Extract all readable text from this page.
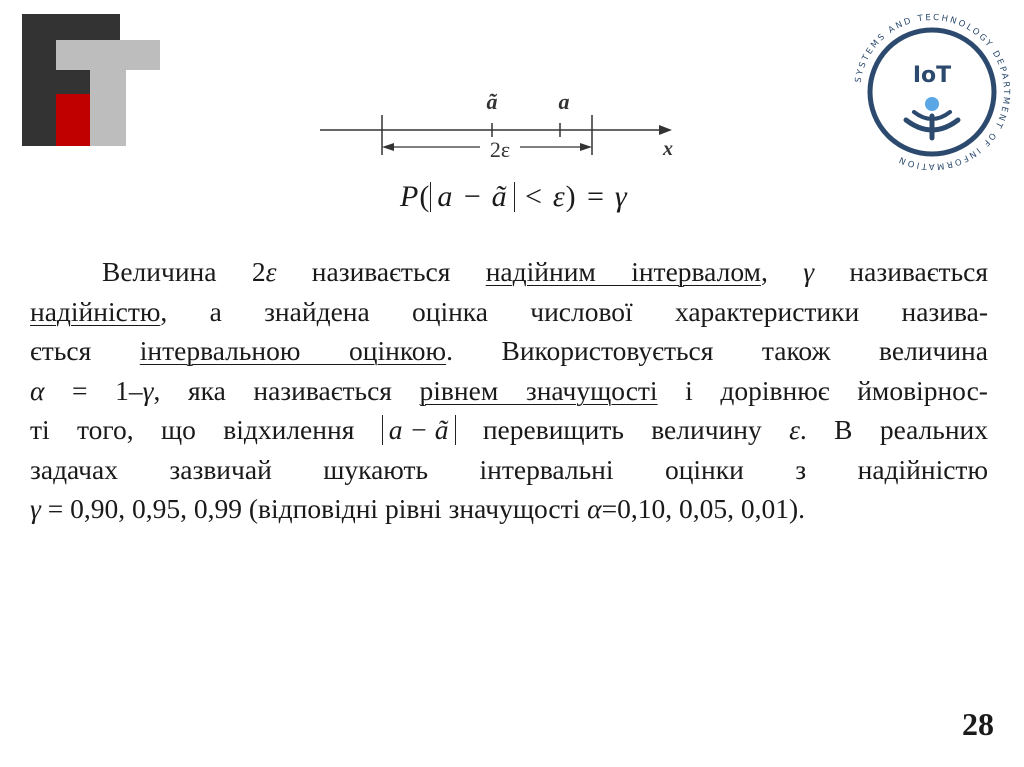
SYSTEMS AND TECHNOLOGY DEPARTMENT OF INFORMATION
IoT
ã	a
2ε	x
P( a − ã < ε) = γ
Величина 2ε називається надійним інтервалом, γ називається
надійністю, а знайдена оцінка числової характеристики назива-
ється інтервальною оцінкою. Використовується також величина
α = 1–γ, яка називається рівнем значущості і дорівнює ймовірнос-
ті того, що відхилення a − ã перевищить величину ε. В реальних
задачах зазвичай шукають інтервальні оцінки з надійністю
γ = 0,90, 0,95, 0,99 (відповідні рівні значущості α=0,10, 0,05, 0,01).
28
